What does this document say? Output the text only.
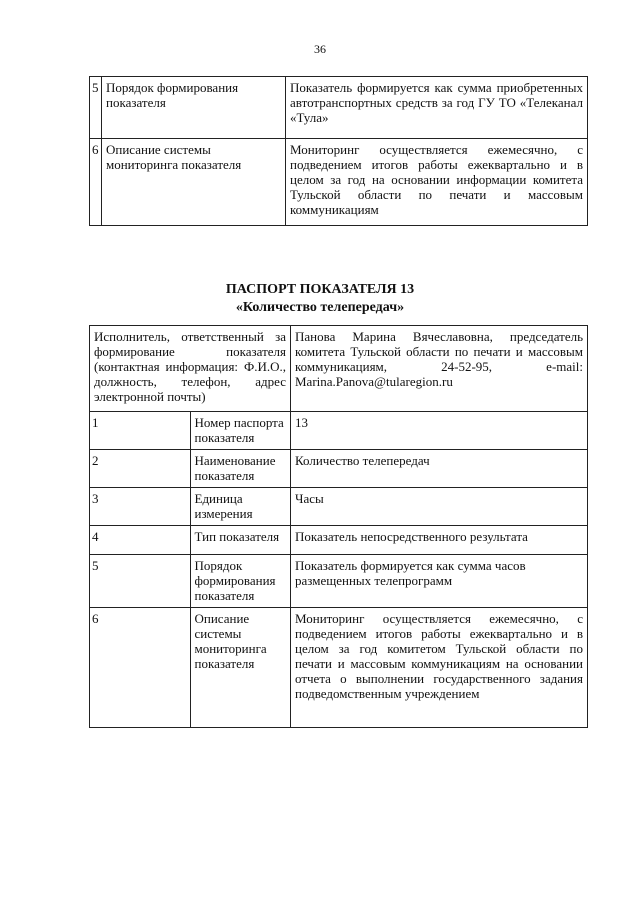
36
5	Порядок формирования показателя	Показатель формируется как сумма приобретенных автотранспортных средств за год ГУ ТО «Телеканал «Тула»
6	Описание системы мониторинга показателя	Мониторинг осуществляется ежемесячно, с подведением итогов работы ежеквартально и в целом за год на основании информации комитета Тульской области по печати и массовым коммуникациям
ПАСПОРТ ПОКАЗАТЕЛЯ 13
«Количество телепередач»
Исполнитель, ответственный за формирование показателя (контактная информация: Ф.И.О., должность, телефон, адрес электронной почты)		Панова Марина Вячеславовна, председатель комитета Тульской области по печати и массовым коммуникациям, 24-52-95, e-mail: Marina.Panova@tularegion.ru
1	Номер паспорта показателя	13
2	Наименование показателя	Количество телепередач
3	Единица измерения	Часы
4	Тип показателя	Показатель непосредственного результата
5	Порядок формирования показателя	Показатель формируется как сумма часов размещенных телепрограмм
6	Описание системы мониторинга показателя	Мониторинг осуществляется ежемесячно, с подведением итогов работы ежеквартально и в целом за год комитетом Тульской области по печати и массовым коммуникациям на основании отчета о выполнении государственного задания подведомственным учреждением
